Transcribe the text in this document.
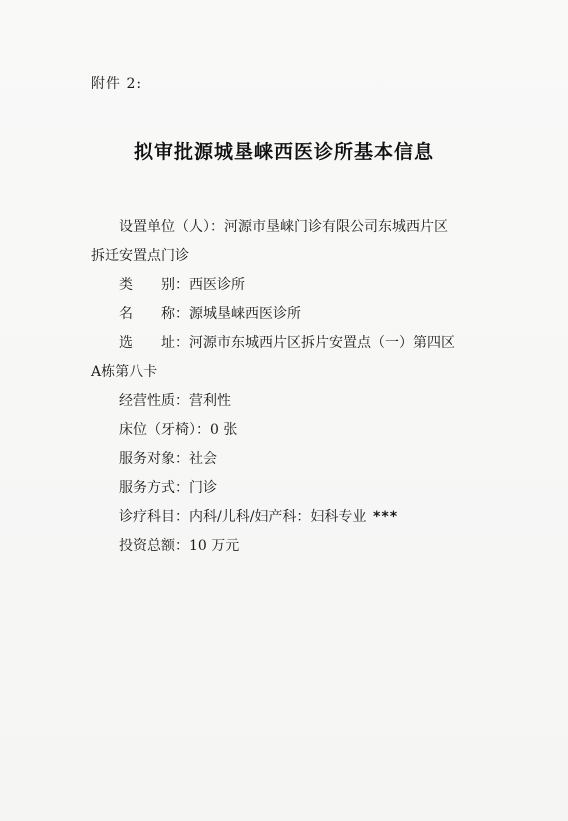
附件 2:
拟审批源城垦崃西医诊所基本信息
设置单位（人）：河源市垦崃门诊有限公司东城西片区
拆迁安置点门诊
类　　别：西医诊所
名　　称：源城垦崃西医诊所
选　　址：河源市东城西片区拆片安置点（一）第四区
A栋第八卡
经营性质：营利性
床位（牙椅）：0 张
服务对象：社会
服务方式：门诊
诊疗科目：内科/儿科/妇产科：妇科专业 ***
投资总额：10 万元
